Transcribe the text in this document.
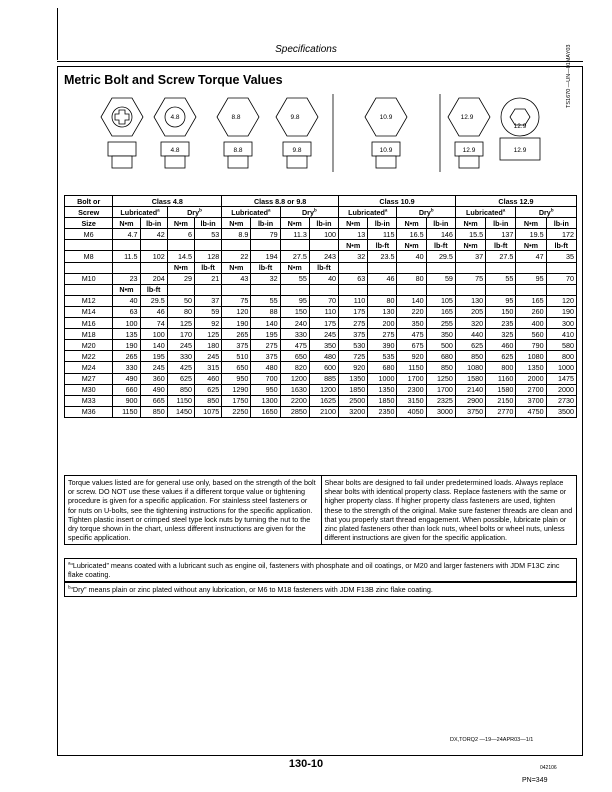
Specifications
Metric Bolt and Screw Torque Values
4.8
4.8
8.8
8.8
9.8
9.8
10.9
10.9
12.9
12.9
12.9
12.9
TS1670 —UN—01MAY03
Bolt or	Class 4.8				Class 8.8 or 9.8				Class 10.9				Class 12.9			
Screw	Lubricated$^a$		Dry$^b$		Lubricated$^a$		Dry$^b$		Lubricated$^a$		Dry$^b$		Lubricated$^a$		Dry$^b$
Size	N•m	lb-in	N•m	lb-in	N•m	lb-in	N•m	lb-in	N•m	lb-in	N•m	lb-in	N•m	lb-in	N•m	lb-in
M6	4.7	42	6	53	8.9	79	11.3	100	13	115	16.5	146	15.5	137	19.5	172
									N•m	lb-ft	N•m	lb-ft	N•m	lb-ft	N•m	lb-ft
M8	11.5	102	14.5	128	22	194	27.5	243	32	23.5	40	29.5	37	27.5	47	35
			N•m	lb-ft	N•m	lb-ft	N•m	lb-ft								
M10	23	204	29	21	43	32	55	40	63	46	80	59	75	55	95	70
	N•m	lb-ft														
M12	40	29.5	50	37	75	55	95	70	110	80	140	105	130	95	165	120
M14	63	46	80	59	120	88	150	110	175	130	220	165	205	150	260	190
M16	100	74	125	92	190	140	240	175	275	200	350	255	320	235	400	300
M18	135	100	170	125	265	195	330	245	375	275	475	350	440	325	560	410
M20	190	140	245	180	375	275	475	350	530	390	675	500	625	460	790	580
M22	265	195	330	245	510	375	650	480	725	535	920	680	850	625	1080	800
M24	330	245	425	315	650	480	820	600	920	680	1150	850	1080	800	1350	1000
M27	490	360	625	460	950	700	1200	885	1350	1000	1700	1250	1580	1160	2000	1475
M30	660	490	850	625	1290	950	1630	1200	1850	1350	2300	1700	2140	1580	2700	2000
M33	900	665	1150	850	1750	1300	2200	1625	2500	1850	3150	2325	2900	2150	3700	2730
M36	1150	850	1450	1075	2250	1650	2850	2100	3200	2350	4050	3000	3750	2770	4750	3500
Torque values listed are for general use only, based on the strength of the bolt or screw. DO NOT use these values if a different torque value or tightening procedure is given for a specific application. For stainless steel fasteners or for nuts on U-bolts, see the tightening instructions for the specific application. Tighten plastic insert or crimped steel type lock nuts by turning the nut to the dry torque shown in the chart, unless different instructions are given for the specific application.
Shear bolts are designed to fail under predetermined loads. Always replace shear bolts with identical property class. Replace fasteners with the same or higher property class. If higher property class fasteners are used, tighten these to the strength of the original. Make sure fastener threads are clean and that you properly start thread engagement. When possible, lubricate plain or zinc plated fasteners other than lock nuts, wheel bolts or wheel nuts, unless different instructions are given for the specific application.
$^a$“Lubricated” means coated with a lubricant such as engine oil, fasteners with phosphate and oil coatings, or M20 and larger fasteners with JDM F13C zinc flake coating.
$^b$“Dry” means plain or zinc plated without any lubrication, or M6 to M18 fasteners with JDM F13B zinc flake coating.
DX,TORQ2 —19—24APR03—1/1
130-10	042106
PN=349
